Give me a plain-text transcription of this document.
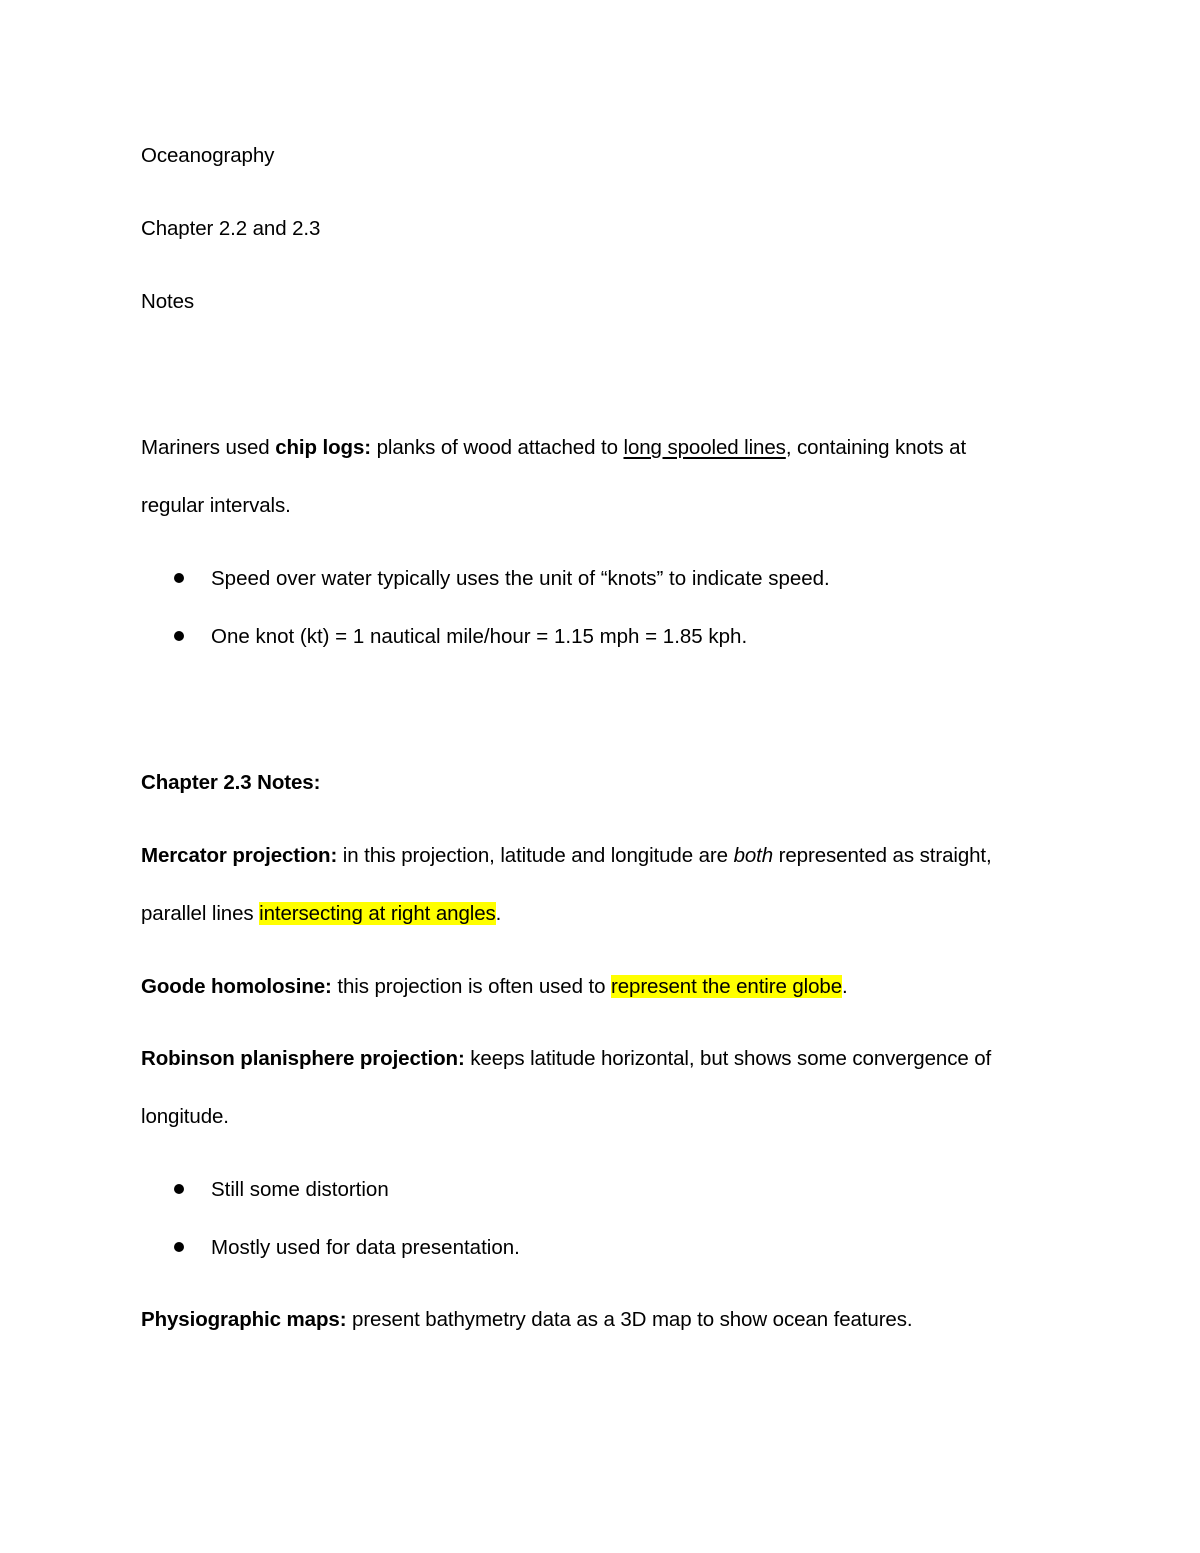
Oceanography
Chapter 2.2 and 2.3
Notes
Mariners used chip logs: planks of wood attached to long spooled lines, containing knots at
regular intervals.
Speed over water typically uses the unit of “knots” to indicate speed.
One knot (kt) = 1 nautical mile/hour = 1.15 mph = 1.85 kph.
Chapter 2.3 Notes:
Mercator projection: in this projection, latitude and longitude are both represented as straight,
parallel lines intersecting at right angles.
Goode homolosine: this projection is often used to represent the entire globe.
Robinson planisphere projection: keeps latitude horizontal, but shows some convergence of
longitude.
Still some distortion
Mostly used for data presentation.
Physiographic maps: present bathymetry data as a 3D map to show ocean features.
